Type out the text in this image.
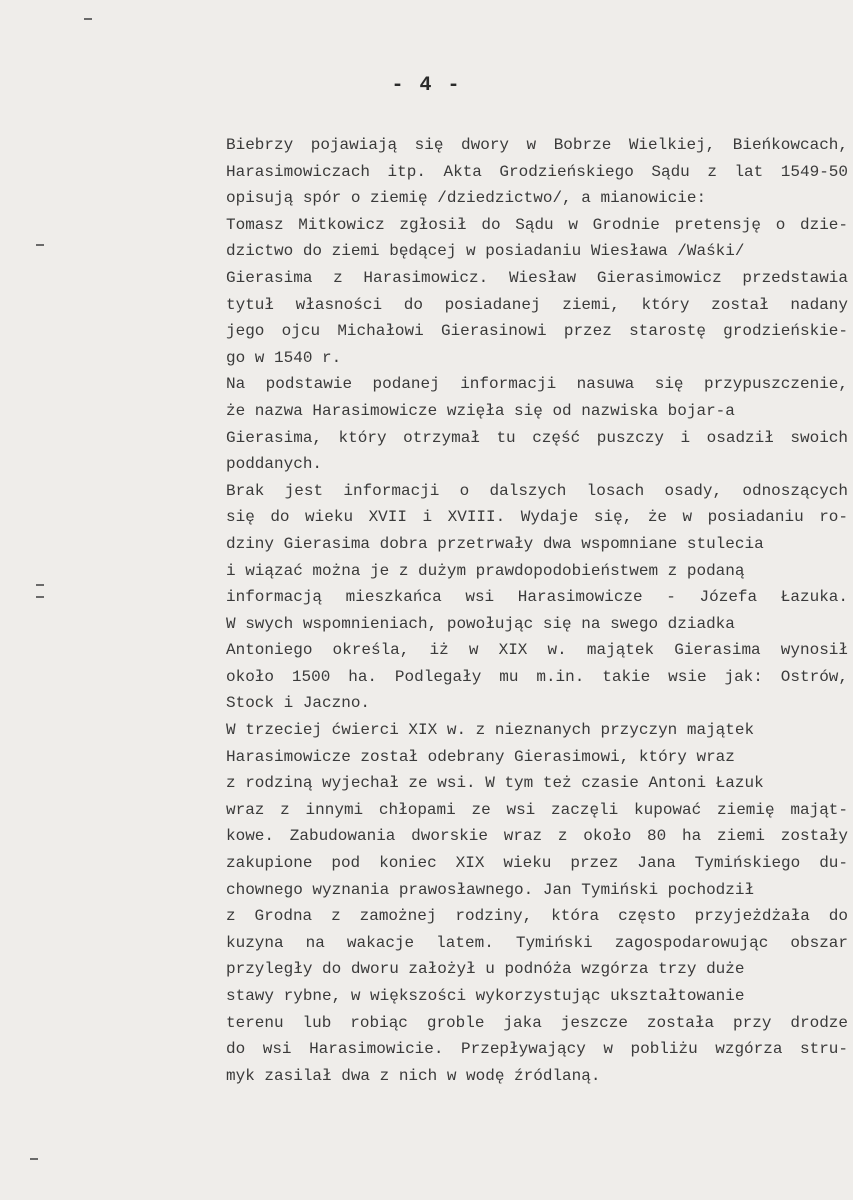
- 4 -
Biebrzy pojawiają się dwory w Bobrze Wielkiej, Bieńkowcach,
Harasimowiczach itp. Akta Grodzieńskiego Sądu z lat 1549-50
opisują spór o ziemię /dziedzictwo/, a mianowicie:
Tomasz Mitkowicz zgłosił do Sądu w Grodnie pretensję o dzie-
dzictwo do ziemi będącej w posiadaniu Wiesława /Waśki/
Gierasima z Harasimowicz. Wiesław Gierasimowicz przedstawia
tytuł własności do posiadanej ziemi, który został nadany
jego ojcu Michałowi Gierasinowi przez starostę grodzieńskie-
go w 1540 r.
Na podstawie podanej informacji nasuwa się przypuszczenie,
że nazwa Harasimowicze wzięła się od nazwiska bojar-a
Gierasima, który otrzymał tu część puszczy i osadził swoich
poddanych.
Brak jest informacji o dalszych losach osady, odnoszących
się do wieku XVII i XVIII. Wydaje się, że w posiadaniu ro-
dziny Gierasima dobra przetrwały dwa wspomniane stulecia
i wiązać można je z dużym prawdopodobieństwem z podaną
informacją mieszkańca wsi Harasimowicze - Józefa Łazuka.
W swych wspomnieniach, powołując się na swego dziadka
Antoniego określa, iż w XIX w. majątek Gierasima wynosił
około 1500 ha. Podlegały mu m.in. takie wsie jak: Ostrów,
Stock i Jaczno.
W trzeciej ćwierci XIX w. z nieznanych przyczyn majątek
Harasimowicze został odebrany Gierasimowi, który wraz
z rodziną wyjechał ze wsi. W tym też czasie Antoni Łazuk
wraz z innymi chłopami ze wsi zaczęli kupować ziemię mająt-
kowe. Zabudowania dworskie wraz z około 80 ha ziemi zostały
zakupione pod koniec XIX wieku przez Jana Tymińskiego du-
chownego wyznania prawosławnego. Jan Tymiński pochodził
z Grodna z zamożnej rodziny, która często przyjeżdżała do
kuzyna na wakacje latem. Tymiński zagospodarowując obszar
przyległy do dworu założył u podnóża wzgórza trzy duże
stawy rybne, w większości wykorzystując ukształtowanie
terenu lub robiąc groble jaka jeszcze została przy drodze
do wsi Harasimowicie. Przepływający w pobliżu wzgórza stru-
myk zasilał dwa z nich w wodę źródlaną.
